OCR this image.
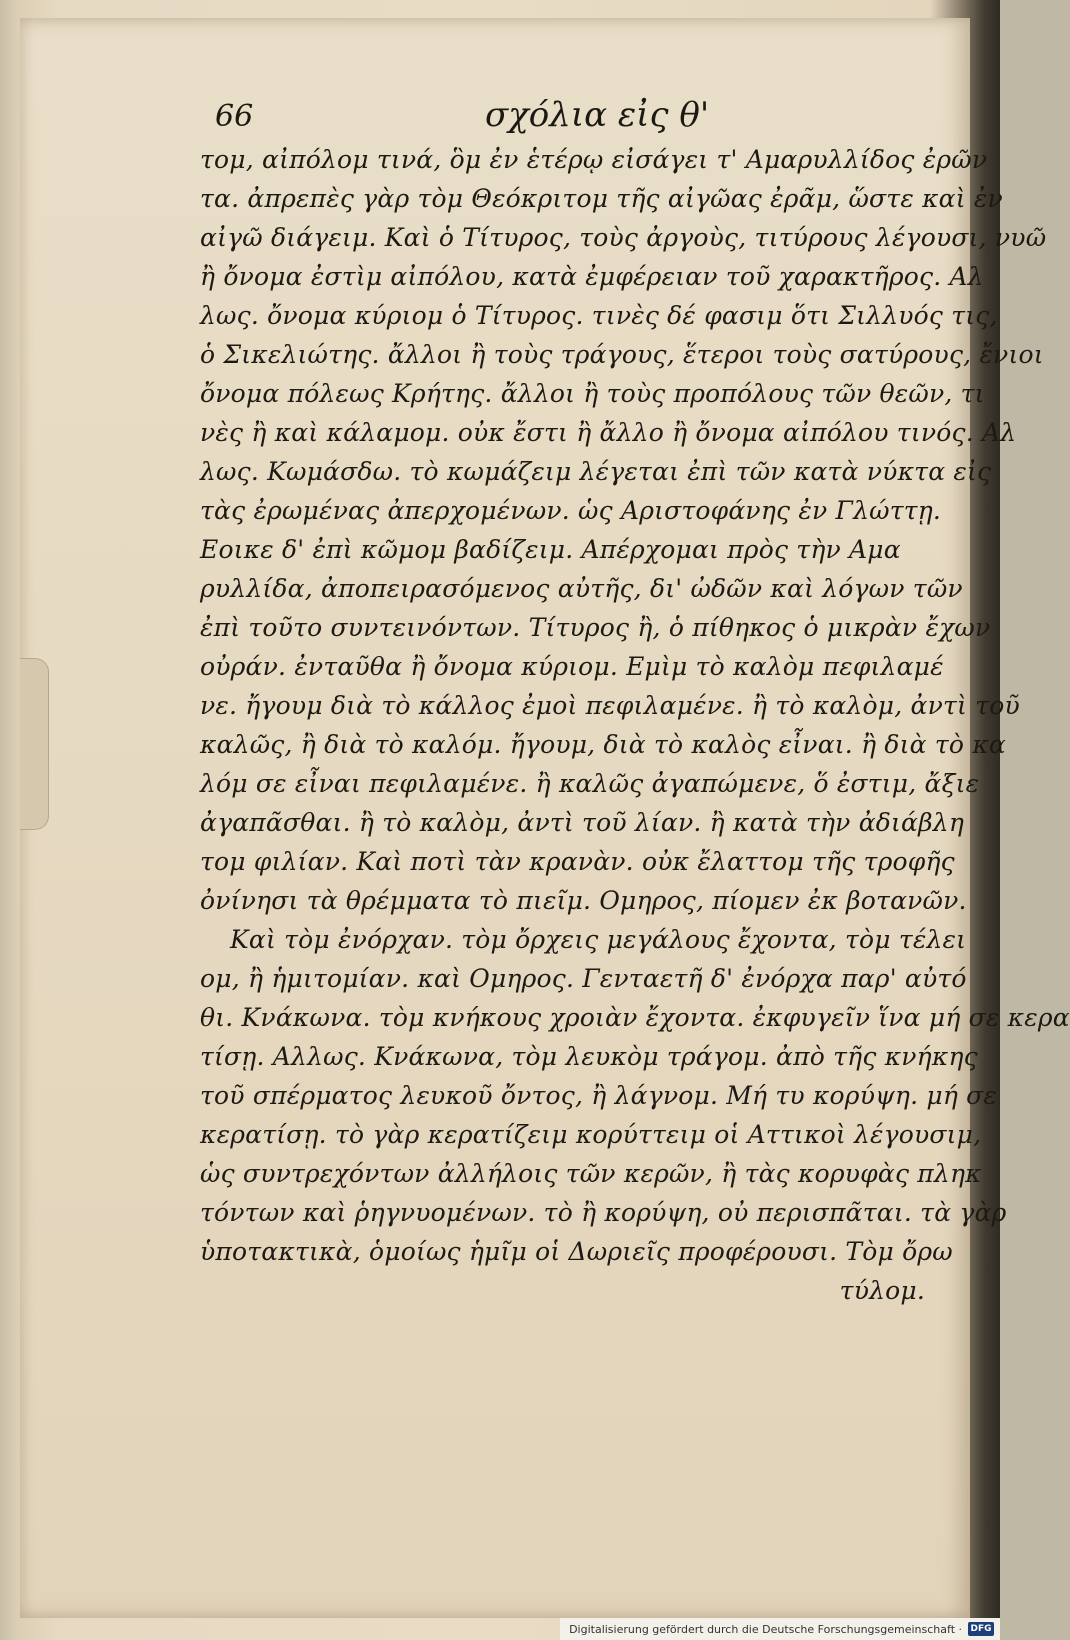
66	σχόλια εἰς θ'
τομ, αἰπόλομ τινά, ὃμ ἐν ἑτέρῳ εἰσάγει τ' Αμαρυλλίδος ἐρῶν
τα. ἀπρεπὲς γὰρ τὸμ Θεόκριτομ τῆς αἰγῶας ἐρᾶμ, ὥστε καὶ ἐν
αἰγῶ διάγειμ. Καὶ ὁ Τίτυρος, τοὺς ἀργοὺς, τιτύρους λέγουσι, νυῶ
ἢ ὄνομα ἐστὶμ αἰπόλου, κατὰ ἐμφέρειαν τοῦ χαρακτῆρος. Αλ
λως. ὄνομα κύριομ ὁ Τίτυρος. τινὲς δέ φασιμ ὅτι Σιλλυός τις,
ὁ Σικελιώτης. ἄλλοι ἢ τοὺς τράγους, ἕτεροι τοὺς σατύρους, ἔνιοι
ὄνομα πόλεως Κρήτης. ἄλλοι ἢ τοὺς προπόλους τῶν θεῶν, τι
νὲς ἢ καὶ κάλαμομ. οὐκ ἔστι ἢ ἄλλο ἢ ὄνομα αἰπόλου τινός. Αλ
λως. Κωμάσδω. τὸ κωμάζειμ λέγεται ἐπὶ τῶν κατὰ νύκτα εἰς
τὰς ἐρωμένας ἀπερχομένων. ὡς Αριστοφάνης ἐν Γλώττῃ.
Εοικε δ' ἐπὶ κῶμομ βαδίζειμ. Απέρχομαι πρὸς τὴν Αμα
ρυλλίδα, ἀποπειρασόμενος αὐτῆς, δι' ὠδῶν καὶ λόγων τῶν
ἐπὶ τοῦτο συντεινόντων. Τίτυρος ἢ, ὁ πίθηκος ὁ μικρὰν ἔχων
οὐράν. ἐνταῦθα ἢ ὄνομα κύριομ. Εμὶμ τὸ καλὸμ πεφιλαμέ
νε. ἤγουμ διὰ τὸ κάλλος ἐμοὶ πεφιλαμένε. ἢ τὸ καλὸμ, ἀντὶ τοῦ
καλῶς, ἢ διὰ τὸ καλόμ. ἤγουμ, διὰ τὸ καλὸς εἶναι. ἢ διὰ τὸ κα
λόμ σε εἶναι πεφιλαμένε. ἢ καλῶς ἀγαπώμενε, ὅ ἐστιμ, ἄξιε
ἀγαπᾶσθαι. ἢ τὸ καλὸμ, ἀντὶ τοῦ λίαν. ἢ κατὰ τὴν ἀδιάβλη
τομ φιλίαν. Καὶ ποτὶ τὰν κρανὰν. οὐκ ἔλαττομ τῆς τροφῆς
ὀνίνησι τὰ θρέμματα τὸ πιεῖμ. Ομηρος, πίομεν ἐκ βοτανῶν.
Καὶ τὸμ ἐνόρχαν. τὸμ ὄρχεις μεγάλους ἔχοντα, τὸμ τέλει
ομ, ἢ ἡμιτομίαν. καὶ Ομηρος. Γενταετῆ δ' ἐνόρχα παρ' αὐτό
θι. Κνάκωνα. τὸμ κνήκους χροιὰν ἔχοντα. ἐκφυγεῖν ἵνα μή σε κερα
τίσῃ. Αλλως. Κνάκωνα, τὸμ λευκὸμ τράγομ. ἀπὸ τῆς κνήκης
τοῦ σπέρματος λευκοῦ ὄντος, ἢ λάγνομ. Μή τυ κορύψη. μή σε
κερατίσῃ. τὸ γὰρ κερατίζειμ κορύττειμ οἱ Αττικοὶ λέγουσιμ,
ὡς συντρεχόντων ἀλλήλοις τῶν κερῶν, ἢ τὰς κορυφὰς πληκ
τόντων καὶ ῥηγνυομένων. τὸ ἢ κορύψη, οὐ περισπᾶται. τὰ γὰρ
ὑποτακτικὰ, ὁμοίως ἡμῖμ οἱ Δωριεῖς προφέρουσι. Τὸμ ὄρω
τύλομ.
Digitalisierung gefördert durch die Deutsche Forschungsgemeinschaft · DFG
